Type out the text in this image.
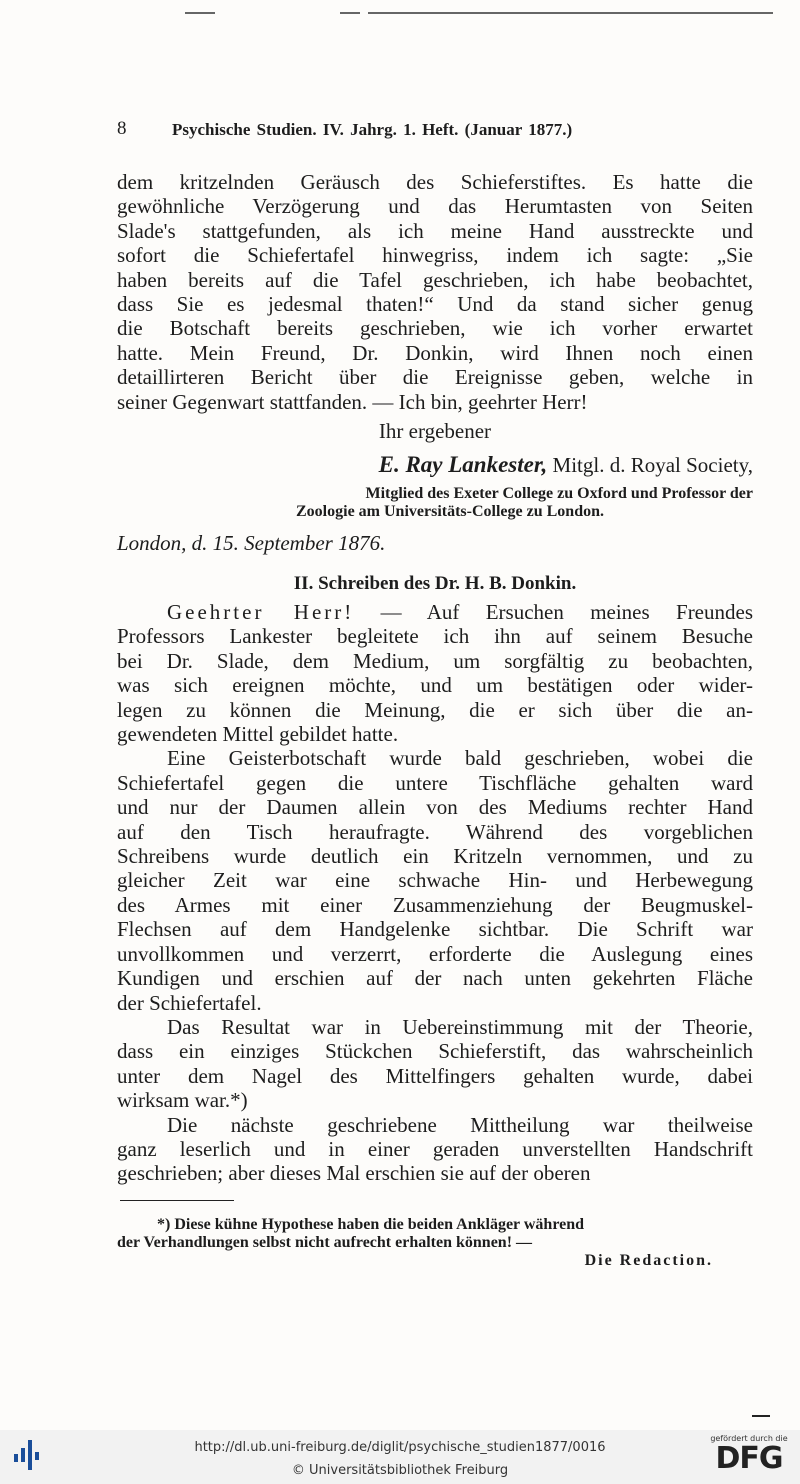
8	Psychische Studien. IV. Jahrg. 1. Heft. (Januar 1877.)

dem kritzelnden Geräusch des Schieferstiftes. Es hatte die
gewöhnliche Verzögerung und das Herumtasten von Seiten
Slade's stattgefunden, als ich meine Hand ausstreckte und
sofort die Schiefertafel hinwegriss, indem ich sagte: „Sie
haben bereits auf die Tafel geschrieben, ich habe beobachtet,
dass Sie es jedesmal thaten!“ Und da stand sicher genug
die Botschaft bereits geschrieben, wie ich vorher erwartet
hatte. Mein Freund, Dr. Donkin, wird Ihnen noch einen
detaillirteren Bericht über die Ereignisse geben, welche in
seiner Gegenwart stattfanden. — Ich bin, geehrter Herr!

Ihr ergebener
E. Ray Lankester, Mitgl. d. Royal Society,
Mitglied des Exeter College zu Oxford und Professor der
Zoologie am Universitäts-College zu London.
London, d. 15. September 1876.
II. Schreiben des Dr. H. B. Donkin.

Geehrter Herr! — Auf Ersuchen meines Freundes
Professors Lankester begleitete ich ihn auf seinem Besuche
bei Dr. Slade, dem Medium, um sorgfältig zu beobachten,
was sich ereignen möchte, und um bestätigen oder wider-
legen zu können die Meinung, die er sich über die an-
gewendeten Mittel gebildet hatte.

Eine Geisterbotschaft wurde bald geschrieben, wobei die
Schiefertafel gegen die untere Tischfläche gehalten ward
und nur der Daumen allein von des Mediums rechter Hand
auf den Tisch heraufragte. Während des vorgeblichen
Schreibens wurde deutlich ein Kritzeln vernommen, und zu
gleicher Zeit war eine schwache Hin- und Herbewegung
des Armes mit einer Zusammenziehung der Beugmuskel-
Flechsen auf dem Handgelenke sichtbar. Die Schrift war
unvollkommen und verzerrt, erforderte die Auslegung eines
Kundigen und erschien auf der nach unten gekehrten Fläche
der Schiefertafel.

Das Resultat war in Uebereinstimmung mit der Theorie,
dass ein einziges Stückchen Schieferstift, das wahrscheinlich
unter dem Nagel des Mittelfingers gehalten wurde, dabei
wirksam war.*)

Die nächste geschriebene Mittheilung war theilweise
ganz leserlich und in einer geraden unverstellten Handschrift
geschrieben; aber dieses Mal erschien sie auf der oberen

*) Diese kühne Hypothese haben die beiden Ankläger während
der Verhandlungen selbst nicht aufrecht erhalten können! —
Die Redaction.
http://dl.ub.uni-freiburg.de/diglit/psychische_studien1877/0016
© Universitätsbibliothek Freiburg
gefördert durch die
DFG
